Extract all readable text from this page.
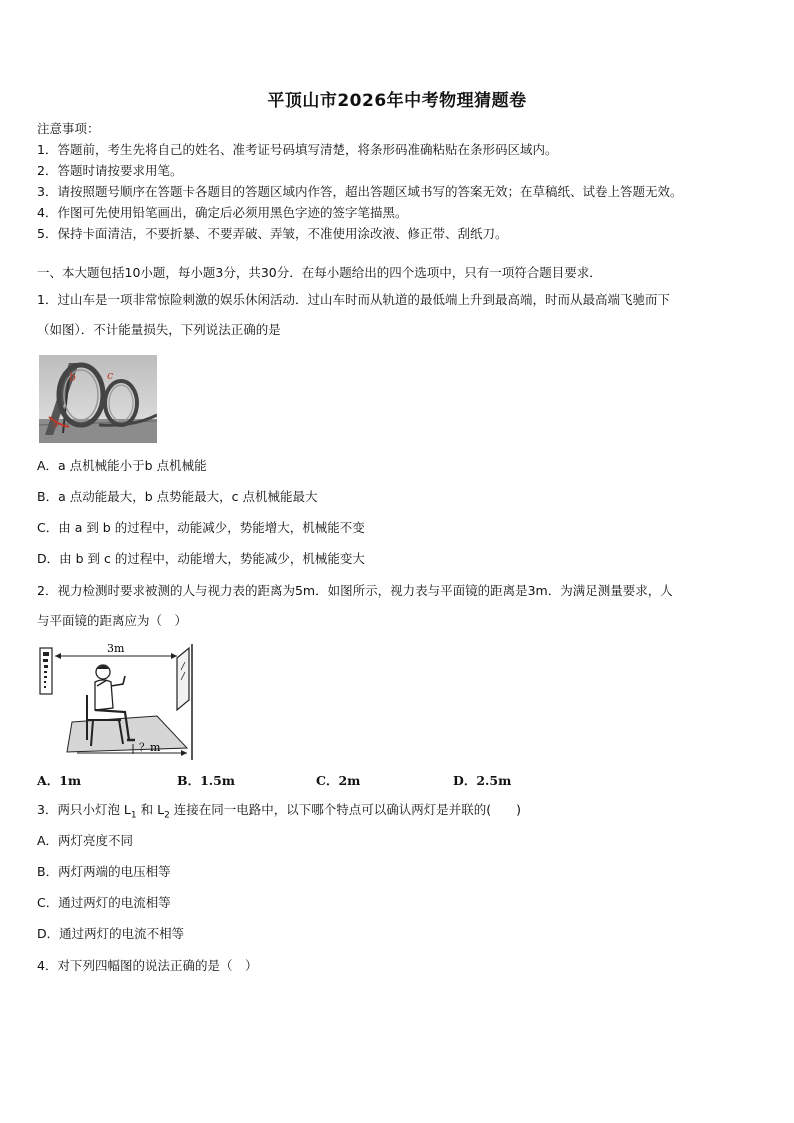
平顶山市2026年中考物理猜题卷
注意事项：
1．答题前，考生先将自己的姓名、准考证号码填写清楚，将条形码准确粘贴在条形码区域内。
2．答题时请按要求用笔。
3．请按照题号顺序在答题卡各题目的答题区域内作答，超出答题区域书写的答案无效；在草稿纸、试卷上答题无效。
4．作图可先使用铅笔画出，确定后必须用黑色字迹的签字笔描黑。
5．保持卡面清洁，不要折暴、不要弄破、弄皱，不准使用涂改液、修正带、刮纸刀。
一、本大题包括10小题，每小题3分，共30分．在每小题给出的四个选项中，只有一项符合题目要求．
1．过山车是一项非常惊险刺激的娱乐休闲活动．过山车时而从轨道的最低端上升到最高端，时而从最高端飞驰而下
（如图）．不计能量损失，下列说法正确的是
b	c
a
A．a 点机械能小于b 点机械能
B．a 点动能最大，b 点势能最大，c 点机械能最大
C．由 a 到 b 的过程中，动能减少，势能增大，机械能不变
D．由 b 到 c 的过程中，动能增大，势能减少，机械能变大
2．视力检测时要求被测的人与视力表的距离为5m．如图所示，视力表与平面镜的距离是3m．为满足测量要求，人
与平面镜的距离应为（　）
3m
？m
A．1m	B．1.5m	C．2m	D．2.5m
3．两只小灯泡 $L_1$ 和 $L_2$ 连接在同一电路中，以下哪个特点可以确认两灯是并联的(　　)
A．两灯亮度不同
B．两灯两端的电压相等
C．通过两灯的电流相等
D．通过两灯的电流不相等
4．对下列四幅图的说法正确的是（　）
